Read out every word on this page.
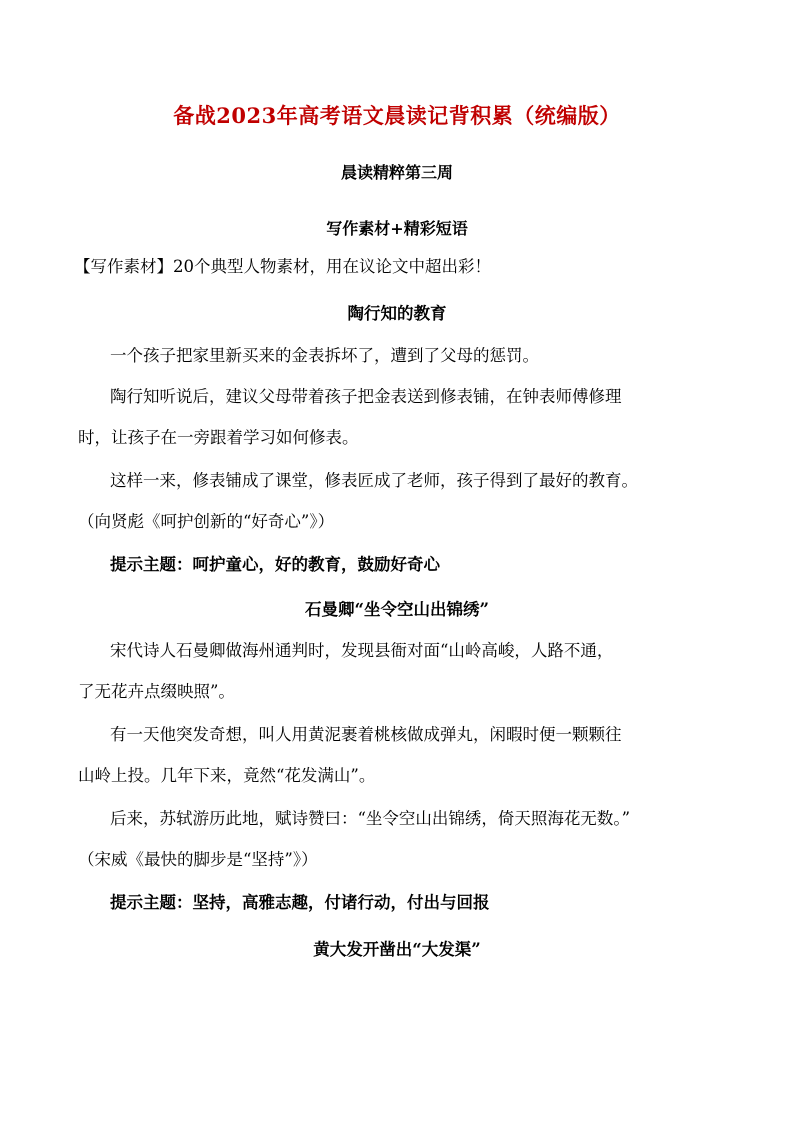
备战2023年高考语文晨读记背积累（统编版）
晨读精粹第三周
写作素材+精彩短语
【写作素材】20个典型人物素材，用在议论文中超出彩！
陶行知的教育
一个孩子把家里新买来的金表拆坏了，遭到了父母的惩罚。
陶行知听说后，建议父母带着孩子把金表送到修表铺，在钟表师傅修理
时，让孩子在一旁跟着学习如何修表。
这样一来，修表铺成了课堂，修表匠成了老师，孩子得到了最好的教育。
（向贤彪《呵护创新的“好奇心”》）
提示主题：呵护童心，好的教育，鼓励好奇心
石曼卿“坐令空山出锦绣”
宋代诗人石曼卿做海州通判时，发现县衙对面“山岭高峻，人路不通，
了无花卉点缀映照”。
有一天他突发奇想，叫人用黄泥裹着桃核做成弹丸，闲暇时便一颗颗往
山岭上投。几年下来，竟然“花发满山”。
后来，苏轼游历此地，赋诗赞曰：“坐令空山出锦绣，倚天照海花无数。”
（宋威《最快的脚步是“坚持”》）
提示主题：坚持，高雅志趣，付诸行动，付出与回报
黄大发开凿出“大发渠”
